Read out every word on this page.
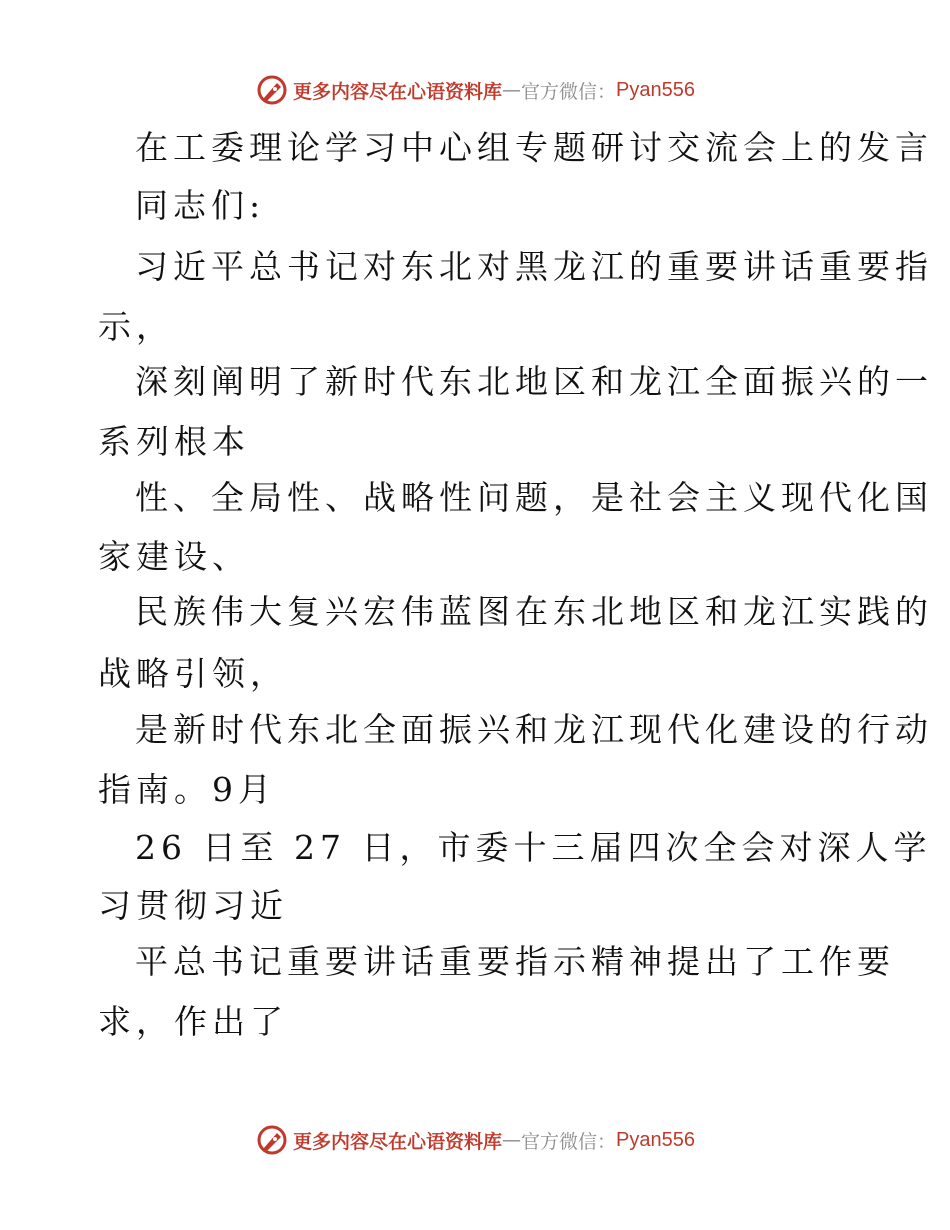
更多内容尽在心语资料库 — 官方微信： Pyan556
在工委理论学习中心组专题研讨交流会上的发言
同志们:
习近平总书记对东北对黑龙江的重要讲话重要指
示，
深刻阐明了新时代东北地区和龙江全面振兴的一
系列根本
性、全局性、战略性问题，是社会主义现代化国
家建设、
民族伟大复兴宏伟蓝图在东北地区和龙江实践的
战略引领，
是新时代东北全面振兴和龙江现代化建设的行动
指南。9月
26 日至 27 日，市委十三届四次全会对深人学
习贯彻习近
平总书记重要讲话重要指示精神提出了工作要
求，作出了
更多内容尽在心语资料库 — 官方微信： Pyan556
